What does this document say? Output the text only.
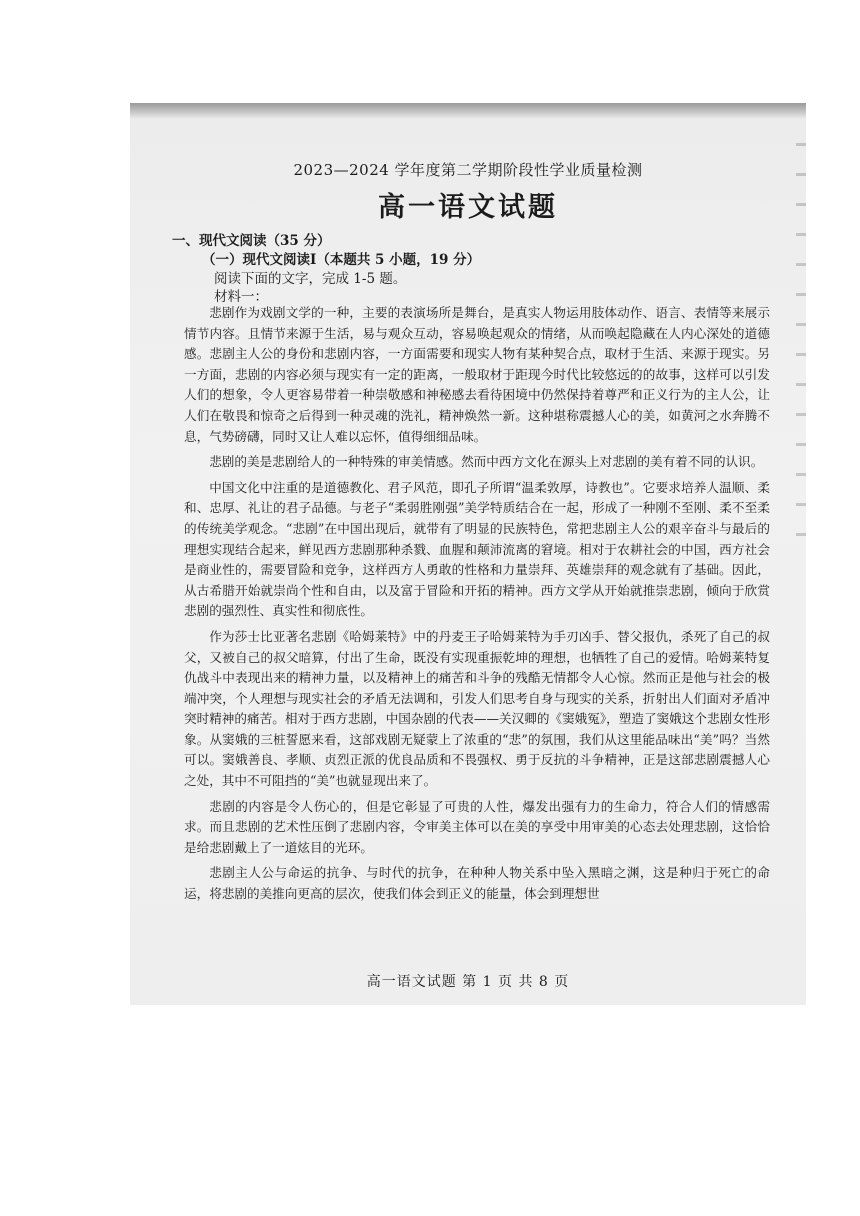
2023—2024 学年度第二学期阶段性学业质量检测
高一语文试题
一、现代文阅读（35 分）
（一）现代文阅读Ⅰ（本题共 5 小题，19 分）
阅读下面的文字，完成 1-5 题。
材料一：

悲剧作为戏剧文学的一种，主要的表演场所是舞台，是真实人物运用肢体动作、语言、表情等来展示情节内容。且情节来源于生活，易与观众互动，容易唤起观众的情绪，从而唤起隐藏在人内心深处的道德感。悲剧主人公的身份和悲剧内容，一方面需要和现实人物有某种契合点，取材于生活、来源于现实。另一方面，悲剧的内容必须与现实有一定的距离，一般取材于距现今时代比较悠远的的故事，这样可以引发人们的想象，令人更容易带着一种崇敬感和神秘感去看待困境中仍然保持着尊严和正义行为的主人公，让人们在敬畏和惊奇之后得到一种灵魂的洗礼，精神焕然一新。这种堪称震撼人心的美，如黄河之水奔腾不息，气势磅礴，同时又让人难以忘怀，值得细细品味。

悲剧的美是悲剧给人的一种特殊的审美情感。然而中西方文化在源头上对悲剧的美有着不同的认识。

中国文化中注重的是道德教化、君子风范，即孔子所谓“温柔敦厚，诗教也”。它要求培养人温顺、柔和、忠厚、礼让的君子品德。与老子“柔弱胜刚强”美学特质结合在一起，形成了一种刚不至刚、柔不至柔的传统美学观念。“悲剧”在中国出现后，就带有了明显的民族特色，常把悲剧主人公的艰辛奋斗与最后的理想实现结合起来，鲜见西方悲剧那种杀戮、血腥和颠沛流离的窘境。相对于农耕社会的中国，西方社会是商业性的，需要冒险和竞争，这样西方人勇敢的性格和力量崇拜、英雄崇拜的观念就有了基础。因此，从古希腊开始就崇尚个性和自由，以及富于冒险和开拓的精神。西方文学从开始就推崇悲剧，倾向于欣赏悲剧的强烈性、真实性和彻底性。

作为莎士比亚著名悲剧《哈姆莱特》中的丹麦王子哈姆莱特为手刃凶手、替父报仇，杀死了自己的叔父，又被自己的叔父暗算，付出了生命，既没有实现重振乾坤的理想，也牺牲了自己的爱情。哈姆莱特复仇战斗中表现出来的精神力量，以及精神上的痛苦和斗争的残酷无情都令人心惊。然而正是他与社会的极端冲突，个人理想与现实社会的矛盾无法调和，引发人们思考自身与现实的关系，折射出人们面对矛盾冲突时精神的痛苦。相对于西方悲剧，中国杂剧的代表——关汉卿的《窦娥冤》，塑造了窦娥这个悲剧女性形象。从窦娥的三桩誓愿来看，这部戏剧无疑蒙上了浓重的“悲”的氛围，我们从这里能品味出“美”吗？当然可以。窦娥善良、孝顺、贞烈正派的优良品质和不畏强权、勇于反抗的斗争精神，正是这部悲剧震撼人心之处，其中不可阻挡的“美”也就显现出来了。

悲剧的内容是令人伤心的，但是它彰显了可贵的人性，爆发出强有力的生命力，符合人们的情感需求。而且悲剧的艺术性压倒了悲剧内容，令审美主体可以在美的享受中用审美的心态去处理悲剧，这恰恰是给悲剧戴上了一道炫目的光环。

悲剧主人公与命运的抗争、与时代的抗争，在种种人物关系中坠入黑暗之渊，这是种归于死亡的命运，将悲剧的美推向更高的层次，使我们体会到正义的能量，体会到理想世

高一语文试题 第 1 页 共 8 页
